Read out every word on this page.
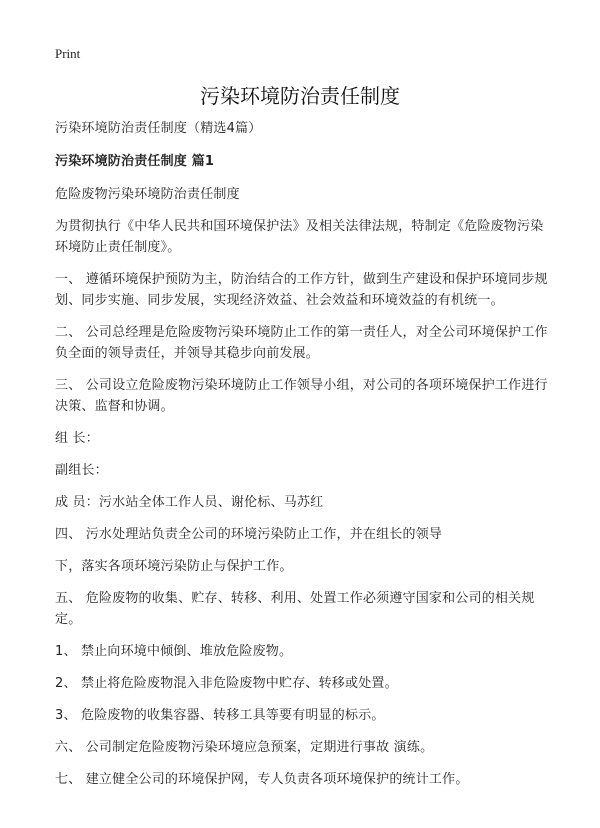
Print
污染环境防治责任制度

污染环境防治责任制度（精选4篇）

污染环境防治责任制度 篇1

危险废物污染环境防治责任制度

为贯彻执行《中华人民共和国环境保护法》及相关法律法规，特制定《危险废物污染环境防止责任制度》。

一、 遵循环境保护预防为主，防治结合的工作方针，做到生产建设和保护环境同步规划、同步实施、同步发展，实现经济效益、社会效益和环境效益的有机统一。

二、 公司总经理是危险废物污染环境防止工作的第一责任人，对全公司环境保护工作负全面的领导责任，并领导其稳步向前发展。

三、 公司设立危险废物污染环境防止工作领导小组，对公司的各项环境保护工作进行决策、监督和协调。

组 长：

副组长：

成 员：污水站全体工作人员、谢伦标、马苏红

四、 污水处理站负责全公司的环境污染防止工作，并在组长的领导

下，落实各项环境污染防止与保护工作。

五、 危险废物的收集、贮存、转移、利用、处置工作必须遵守国家和公司的相关规定。

1、 禁止向环境中倾倒、堆放危险废物。

2、 禁止将危险废物混入非危险废物中贮存、转移或处置。

3、 危险废物的收集容器、转移工具等要有明显的标示。

六、 公司制定危险废物污染环境应急预案，定期进行事故 演练。

七、 建立健全公司的环境保护网，专人负责各项环境保护的统计工作。
